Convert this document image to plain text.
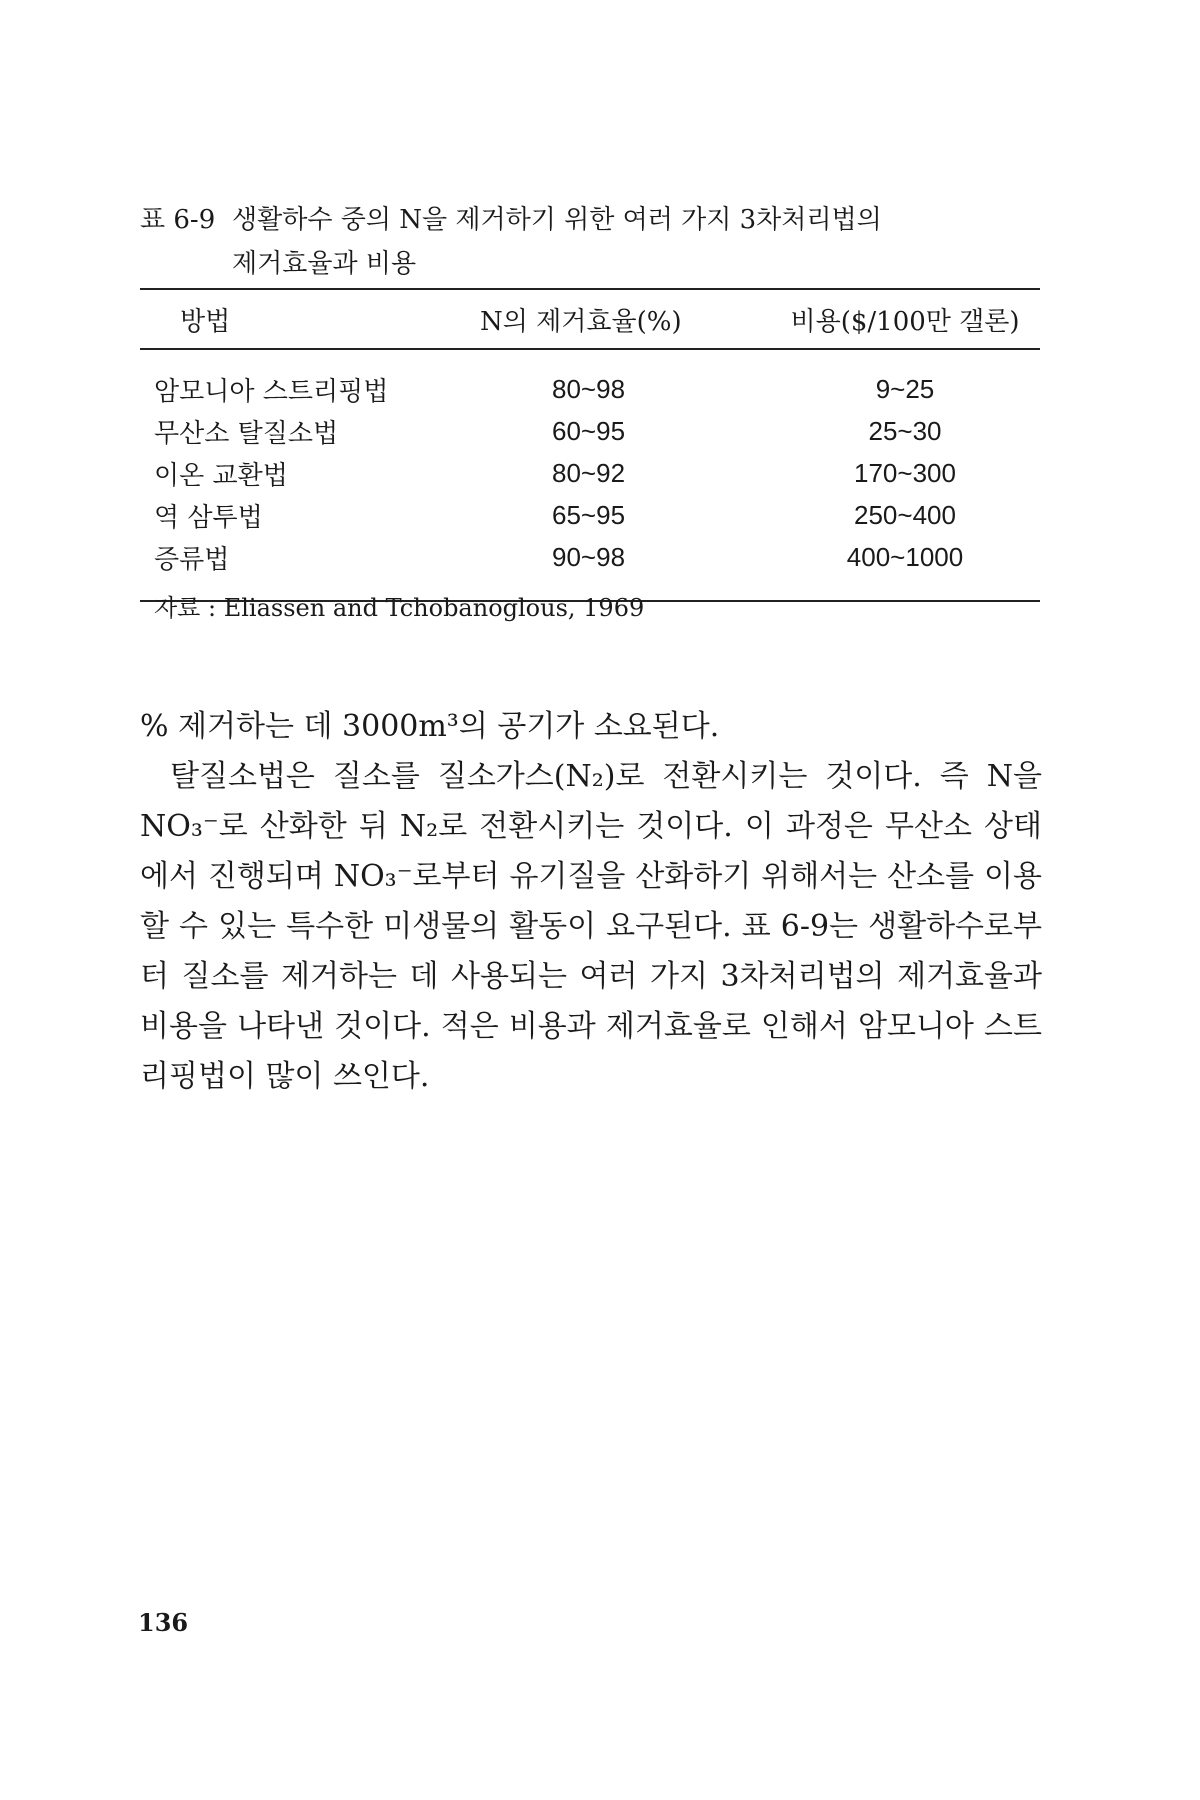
표 6-9 생활하수 중의 N을 제거하기 위한 여러 가지 3차처리법의
제거효율과 비용
방법	N의 제거효율(%)	비용($/100만 갤론)
암모니아 스트리핑법	80~98	9~25
무산소 탈질소법	60~95	25~30
이온 교환법	80~92	170~300
역 삼투법	65~95	250~400
증류법	90~98	400~1000
자료 : Eliassen and Tchobanoglous, 1969

% 제거하는 데 3000m³의 공기가 소요된다.

탈질소법은 질소를 질소가스(N₂)로 전환시키는 것이다. 즉 N을 NO₃⁻로 산화한 뒤 N₂로 전환시키는 것이다. 이 과정은 무산소 상태에서 진행되며 NO₃⁻로부터 유기질을 산화하기 위해서는 산소를 이용할 수 있는 특수한 미생물의 활동이 요구된다. 표 6-9는 생활하수로부터 질소를 제거하는 데 사용되는 여러 가지 3차처리법의 제거효율과 비용을 나타낸 것이다. 적은 비용과 제거효율로 인해서 암모니아 스트리핑법이 많이 쓰인다.

136
